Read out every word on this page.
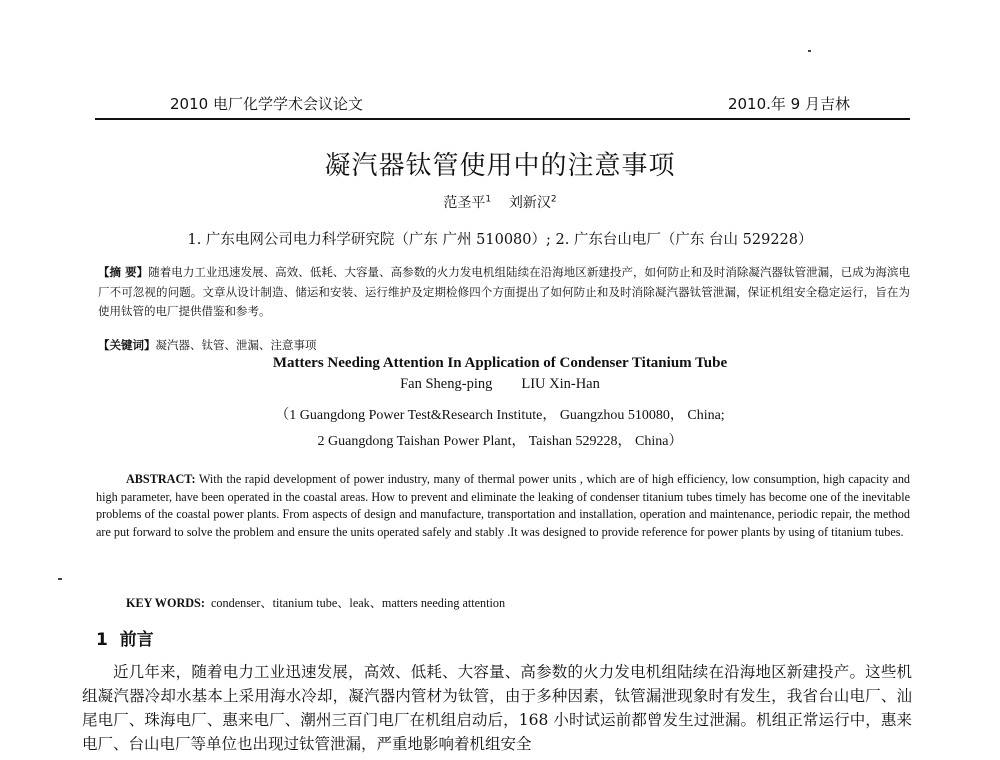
2010 电厂化学学术会议论文	2010.年 9 月吉林
凝汽器钛管使用中的注意事项
范圣平$^1$ 刘新汉$^2$
1. 广东电网公司电力科学研究院（广东 广州 510080）; 2. 广东台山电厂（广东 台山 529228）
【摘 要】随着电力工业迅速发展、高效、低耗、大容量、高参数的火力发电机组陆续在沿海地区新建投产，如何防止和及时消除凝汽器钛管泄漏，已成为海滨电厂不可忽视的问题。文章从设计制造、储运和安装、运行维护及定期检修四个方面提出了如何防止和及时消除凝汽器钛管泄漏，保证机组安全稳定运行，旨在为使用钛管的电厂提供借鉴和参考。
【关键词】凝汽器、钛管、泄漏、注意事项
Matters Needing Attention In Application of Condenser Titanium Tube
Fan Sheng-ping        LIU Xin-Han
（1 Guangdong Power Test&Research Institute， Guangzhou 510080， China;
2 Guangdong Taishan Power Plant， Taishan 529228， China）
ABSTRACT: With the rapid development of power industry, many of thermal power units , which are of high efficiency, low consumption, high capacity and high parameter, have been operated in the coastal areas. How to prevent and eliminate the leaking of condenser titanium tubes timely has become one of the inevitable problems of the coastal power plants. From aspects of design and manufacture, transportation and installation, operation and maintenance, periodic repair, the method are put forward to solve the problem and ensure the units operated safely and stably .It was designed to provide reference for power plants by using of titanium tubes.
KEY WORDS: condenser、titanium tube、leak、matters needing attention
1  前言
近几年来，随着电力工业迅速发展，高效、低耗、大容量、高参数的火力发电机组陆续在沿海地区新建投产。这些机组凝汽器冷却水基本上采用海水冷却，凝汽器内管材为钛管，由于多种因素，钛管漏泄现象时有发生，我省台山电厂、汕尾电厂、珠海电厂、惠来电厂、潮州三百门电厂在机组启动后，168 小时试运前都曾发生过泄漏。机组正常运行中，惠来电厂、台山电厂等单位也出现过钛管泄漏，严重地影响着机组安全
